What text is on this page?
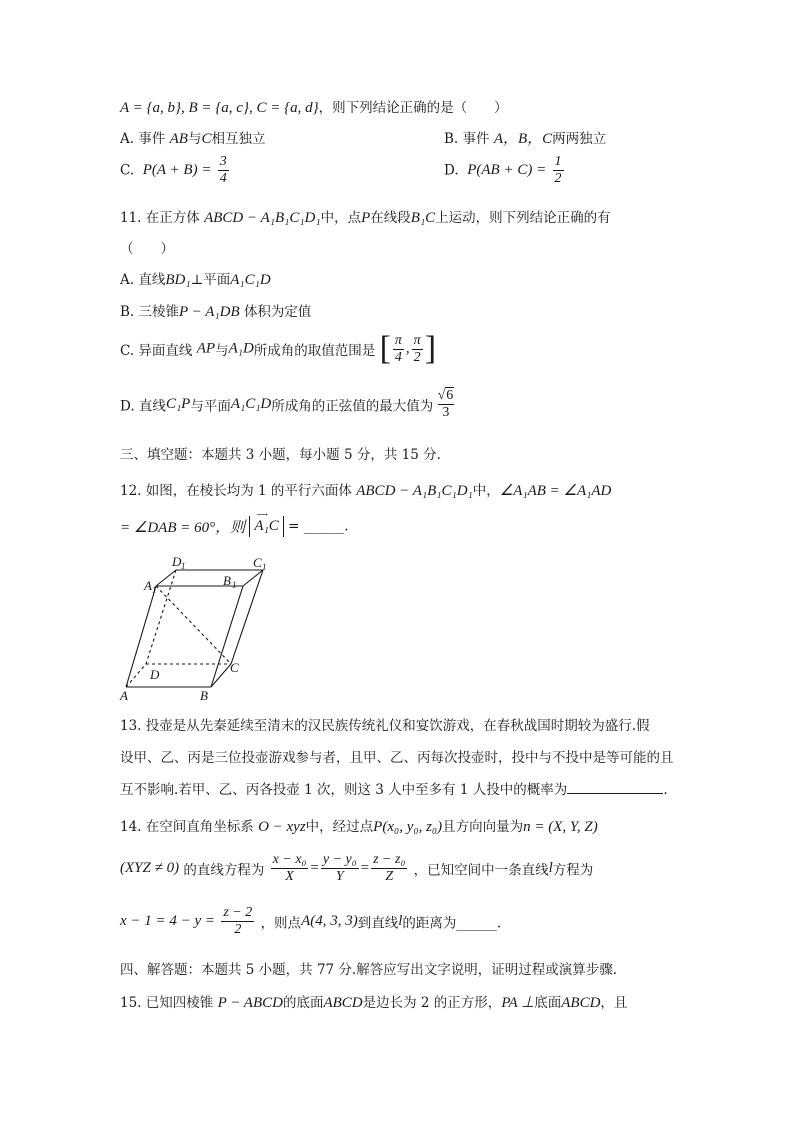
A = {a, b}, B = {a, c}, C = {a, d}，则下列结论正确的是（　　）
A. 事件 AB与C相互独立	B. 事件 A，B，C两两独立
C. $P(A + B) = \frac{3}{4}$	D. $P(AB + C) = \frac{1}{2}$
11. 在正方体 ABCD − A₁B₁C₁D₁中，点P在线段B₁C上运动，则下列结论正确的有
（　　）
A. 直线BD₁⊥平面A₁C₁D
B. 三棱锥P − A₁DB 体积为定值
C. 异面直线 AP与A₁D所成角的取值范围是 [ $\frac{\pi}{4}$ , $\frac{\pi}{2}$ ]
D. 直线C₁P与平面A₁C₁D所成角的正弦值的最大值为 $\frac{√6}{3}$
三、填空题：本题共 3 小题，每小题 5 分，共 15 分.
12. 如图，在棱长均为 1 的平行六面体 ABCD − A₁B₁C₁D₁中，∠A₁AB = ∠A₁AD
= ∠DAB = 60°，则
⟶
A₁C = ______.
D 1	C 1
A 1
B 1
D	C
A	B
13. 投壶是从先秦延续至清末的汉民族传统礼仪和宴饮游戏，在春秋战国时期较为盛行.假
设甲、乙、丙是三位投壶游戏参与者，且甲、乙、丙每次投壶时，投中与不投中是等可能的且
互不影响.若甲、乙、丙各投壶 1 次，则这 3 人中至多有 1 人投中的概率为	.
14. 在空间直角坐标系 O − xyz中，经过点P(x₀, y₀, z₀)且方向向量为n = (X, Y, Z)
(XYZ ≠ 0) 的直线方程为 $\frac{\text{x − x₀}}{X} = \frac{\text{y − y₀}}{Y} = \frac{\text{z − z₀}}{Z}$ ，已知空间中一条直线l方程为
$x - 1 = 4 - y = \frac{z - 2}{2}$ ，则点A(4, 3, 3)到直线l的距离为______.
四、解答题：本题共 5 小题，共 77 分.解答应写出文字说明，证明过程或演算步骤.
15. 已知四棱锥 P − ABCD的底面ABCD是边长为 2 的正方形，PA ⊥底面ABCD，且
